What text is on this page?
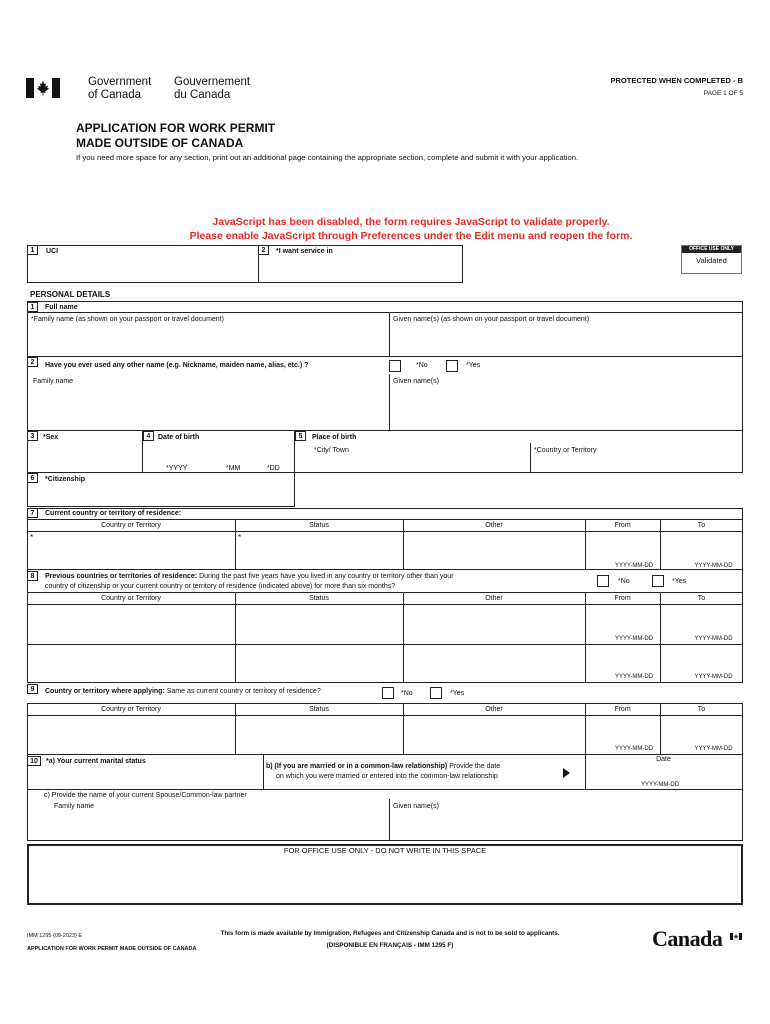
Government
of Canada
Gouvernement
du Canada
PROTECTED WHEN COMPLETED - B
PAGE 1 OF 5
APPLICATION FOR WORK PERMIT
MADE OUTSIDE OF CANADA
If you need more space for any section, print out an additional page containing the appropriate section, complete and submit it with your application.
JavaScript has been disabled, the form requires JavaScript to validate properly.
Please enable JavaScript through Preferences under the Edit menu and reopen the form.
1	UCI	2	*I want service in	OFFICE USE ONLY
Validated
PERSONAL DETAILS
1	Full name
*Family name (as shown on your passport or travel document)	Given name(s) (as shown on your passport or travel document)
2	Have you ever used any other name (e.g. Nickname, maiden name, alias, etc.) ?	*No	*Yes
Family name	Given name(s)
3	*Sex	4	Date of birth
*YYYY	*MM	*DD
5	Place of birth
*City/ Town	*Country or Territory
6	*Citizenship
7	Current country or territory of residence:
Country or Territory	Status	Other	From	To
*	*
YYYY-MM-DD	YYYY-MM-DD
8	Previous countries or territories of residence: During the past five years have you lived in any country or territory other than your
country of citizenship or your current country or territory of residence (indicated above) for more than six months?
*No	*Yes
Country or Territory	Status	Other	From	To
YYYY-MM-DD	YYYY-MM-DD
YYYY-MM-DD	YYYY-MM-DD
9	Country or territory where applying: Same as current country or territory of residence?	*No	*Yes
Country or Territory	Status	Other	From	To
YYYY-MM-DD	YYYY-MM-DD
10	*a) Your current marital status
b) (If you are married or in a common-law relationship) Provide the date
on which you were married or entered into the common-law relationship
Date
YYYY-MM-DD
c) Provide the name of your current Spouse/Common-law partner
Family name	Given name(s)
FOR OFFICE USE ONLY - DO NOT WRITE IN THIS SPACE
IMM 1295 (09-2023) E
APPLICATION FOR WORK PERMIT MADE OUTSIDE OF CANADA
This form is made available by Immigration, Refugees and Citizenship Canada and is not to be sold to applicants.
(DISPONIBLE EN FRANÇAIS - IMM 1295 F)	Canada
